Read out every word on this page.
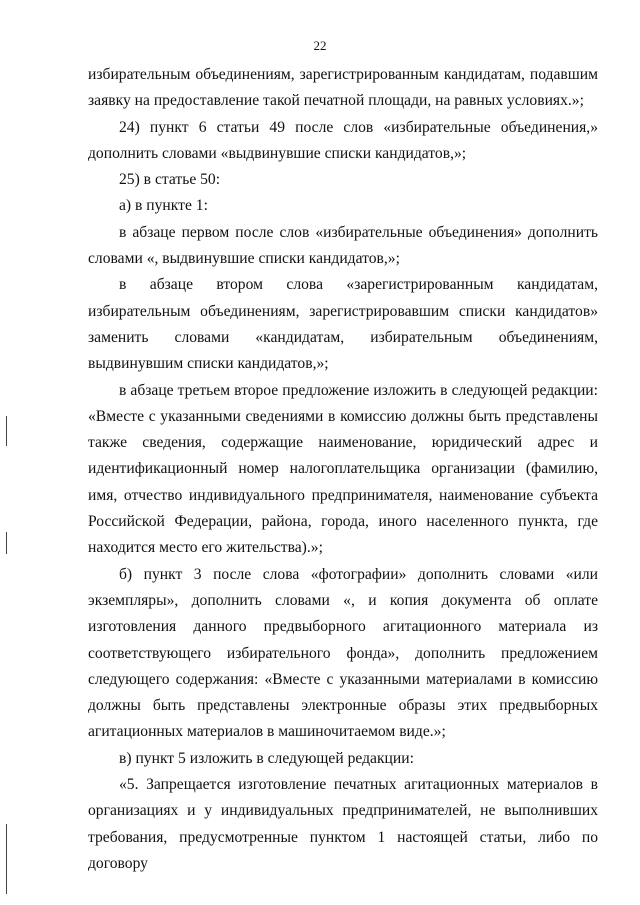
22

избирательным объединениям, зарегистрированным кандидатам, подавшим заявку на предоставление такой печатной площади, на равных условиях.»;

24) пункт 6 статьи 49 после слов «избирательные объединения,» дополнить словами «выдвинувшие списки кандидатов,»;

25) в статье 50:

а) в пункте 1:

в абзаце первом после слов «избирательные объединения» дополнить словами «, выдвинувшие списки кандидатов,»;

в абзаце втором слова «зарегистрированным кандидатам, избирательным объединениям, зарегистрировавшим списки кандидатов» заменить словами «кандидатам, избирательным объединениям, выдвинувшим списки кандидатов,»;

в абзаце третьем второе предложение изложить в следующей редакции: «Вместе с указанными сведениями в комиссию должны быть представлены также сведения, содержащие наименование, юридический адрес и идентификационный номер налогоплательщика организации (фамилию, имя, отчество индивидуального предпринимателя, наименование субъекта Российской Федерации, района, города, иного населенного пункта, где находится место его жительства).»;

б) пункт 3 после слова «фотографии» дополнить словами «или экземпляры», дополнить словами «, и копия документа об оплате изготовления данного предвыборного агитационного материала из соответствующего избирательного фонда», дополнить предложением следующего содержания: «Вместе с указанными материалами в комиссию должны быть представлены электронные образы этих предвыборных агитационных материалов в машиночитаемом виде.»;

в) пункт 5 изложить в следующей редакции:

«5. Запрещается изготовление печатных агитационных материалов в организациях и у индивидуальных предпринимателей, не выполнивших требования, предусмотренные пунктом 1 настоящей статьи, либо по договору
